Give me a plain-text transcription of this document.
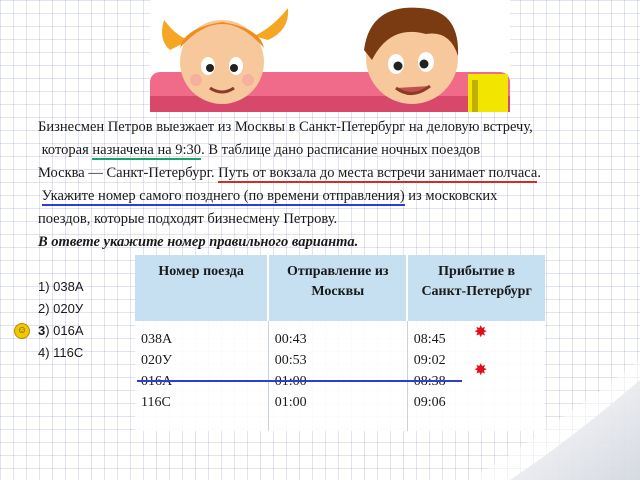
Бизнесмен Петров выезжает из Москвы в Санкт-Петербург на деловую встречу,
которая назначена на 9:30. В таблице дано расписание ночных поездов
Москва — Санкт-Петербург. Путь от вокзала до места встречи занимает полчаса.
Укажите номер самого позднего (по времени отправления) из московских
поездов, которые подходят бизнесмену Петрову.
В ответе укажите номер правильного варианта.
1) 038А
2) 020У
☺ 3) 016А
4) 116С
Номер поезда	Отправление из Москвы	Прибытие в Санкт-Петербург
038А	00:43	08:45
020У	00:53	09:02
016А	01:00	08:38
116С	01:00	09:06
✸
✸
